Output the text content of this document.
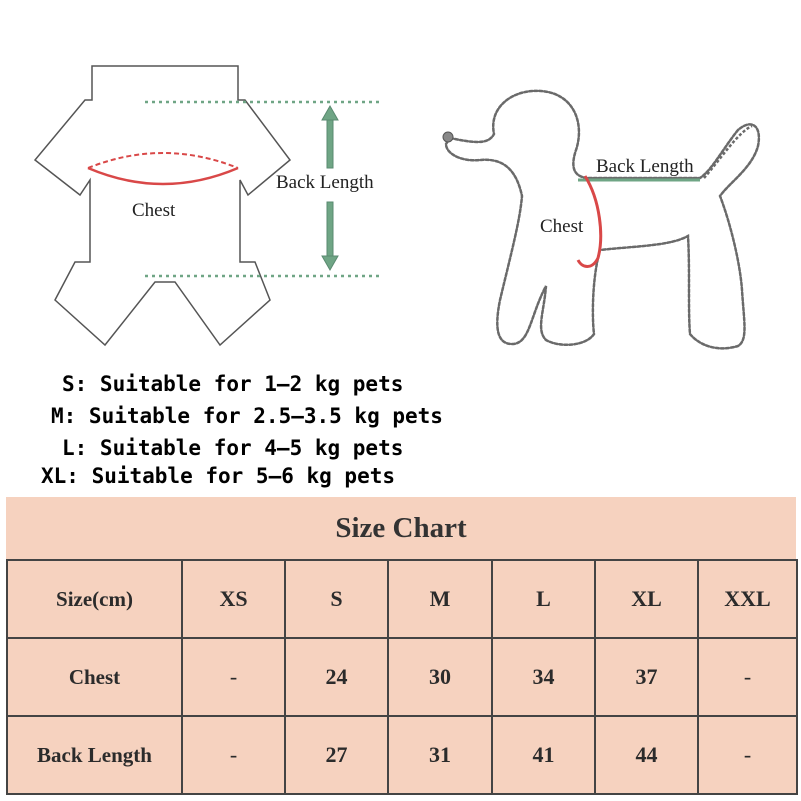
Back Length
Chest
Back Length
Chest
S: Suitable for 1–2 kg pets
M: Suitable for 2.5–3.5 kg pets
L: Suitable for 4–5 kg pets
XL: Suitable for 5–6 kg pets
Size Chart
Size(cm)	XS	S	M	L	XL	XXL
Chest	-	24	30	34	37	-
Back Length	-	27	31	41	44	-
